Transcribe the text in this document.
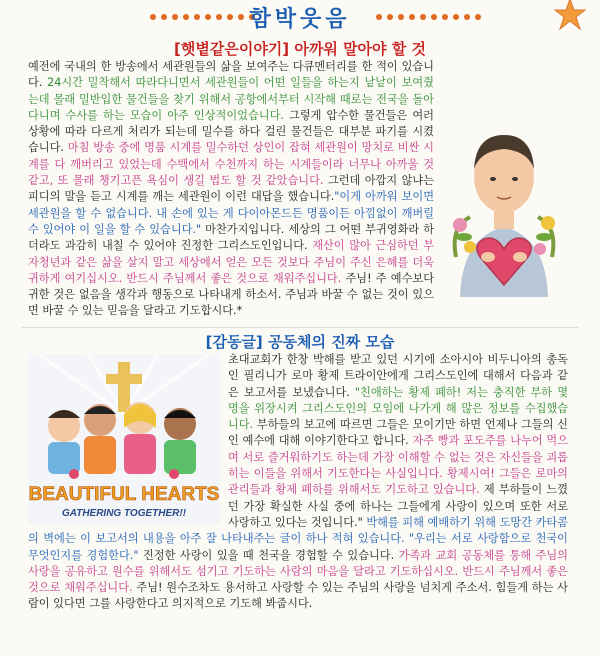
함박웃음
[햇볕같은이야기] 아까워 말아야 할 것
예전에 국내의 한 방송에서 세관원들의 삶을 보여주는 다큐멘터리를 한 적이 있습니다. 24시간 밀착해서 따라다니면서 세관원들이 어떤 일들을 하는지 낱낱이 보여줬는데 몰래 밀반입한 물건들을 찾기 위해서 공항에서부터 시작해 때로는 전국을 돌아다니며 수사를 하는 모습이 아주 인상적이었습니다. 그렇게 압수한 물건들은 여러 상황에 따라 다르게 처리가 되는데 밀수를 하다 걸린 물건들은 대부분 파기를 시켰습니다. 마침 방송 중에 명품 시계를 밀수하던 상인이 잡혀 세관원이 망치로 비싼 시계를 다 깨버리고 있었는데 수백에서 수천까지 하는 시계들이라 너무나 아까울 것 같고, 또 몰래 챙기고픈 욕심이 생길 법도 할 것 같았습니다. 그런데 아깝지 않냐는 피디의 말을 듣고 시계를 깨는 세관원이 이런 대답을 했습니다."이게 아까워 보이면 세관원을 할 수 없습니다. 내 손에 있는 게 다이아몬드든 명품이든 아낌없이 깨버릴 수 있어야 이 일을 할 수 있습니다." 마찬가지입니다. 세상의 그 어떤 부귀영화라 하더라도 과감히 내칠 수 있어야 진정한 그리스도인입니다. 재산이 많아 근심하던 부자청년과 같은 삶을 살지 말고 세상에서 얻은 모든 것보다 주님이 주신 은혜를 더욱 귀하게 여기십시오. 반드시 주님께서 좋은 것으로 채워주십니다. 주님! 주 예수보다 귀한 것은 없음을 생각과 행동으로 나타내게 하소서. 주님과 바꿀 수 없는 것이 있으면 바꿀 수 있는 믿음을 달라고 기도합시다.*
[감동글] 공동체의 진짜 모습
BEAUTIFUL HEARTS
GATHERING TOGETHER!!
초대교회가 한창 박해를 받고 있던 시기에 소아시아 비두니아의 총독인 필리니가 로마 황제 트라이안에게 그리스도인에 대해서 다음과 같은 보고서를 보냈습니다. "친애하는 황제 폐하! 저는 충직한 부하 몇 명을 위장시켜 그리스도인의 모임에 나가게 해 많은 정보를 수집했습니다. 부하들의 보고에 따르면 그들은 모이기만 하면 언제나 그들의 신인 예수에 대해 이야기한다고 합니다. 자주 빵과 포도주를 나누어 먹으며 서로 즐거워하기도 하는데 가장 이해할 수 없는 것은 자신들을 괴롭히는 이들을 위해서 기도한다는 사실입니다. 황제시여! 그들은 로마의 관리들과 황제 폐하를 위해서도 기도하고 있습니다. 제 부하들이 느꼈던 가장 확실한 사실 중에 하나는 그들에게 사랑이 있으며 또한 서로 사랑하고 있다는 것입니다." 박해를 피해 예배하기 위해 도망간 카타콤의 벽에는 이 보고서의 내용을 아주 잘 나타내주는 글이 하나 적혀 있습니다. "우리는 서로 사랑함으로 천국이 무엇인지를 경험한다." 진정한 사랑이 있을 때 천국을 경험할 수 있습니다. 가족과 교회 공동체를 통해 주님의 사랑을 공유하고 원수를 위해서도 섬기고 기도하는 사람의 마음을 달라고 기도하십시오. 반드시 주님께서 좋은 것으로 채워주십니다. 주님! 원수조차도 용서하고 사랑할 수 있는 주님의 사랑을 넘치게 주소서. 힘들게 하는 사람이 있다면 그를 사랑한다고 의지적으로 기도해 봐줍시다.
